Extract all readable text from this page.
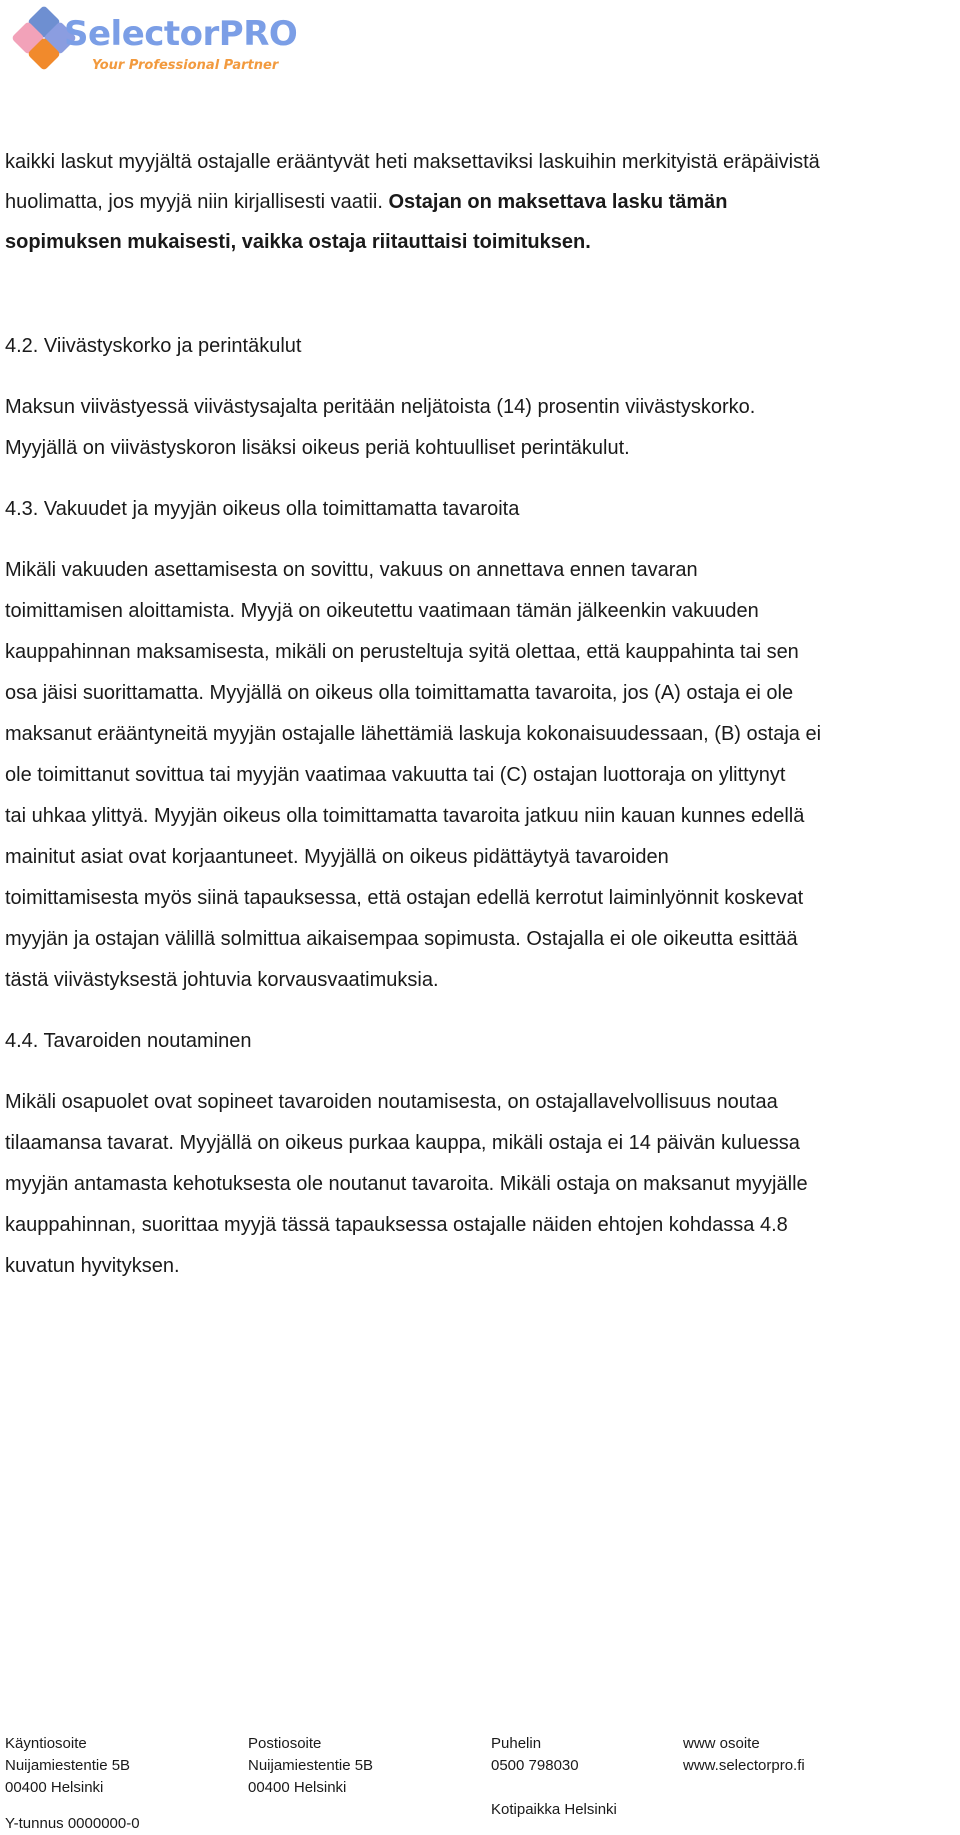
SelectorPRO
Your Professional Partner

kaikki laskut myyjältä ostajalle erääntyvät heti maksettaviksi laskuihin merkityistä eräpäivistä

huolimatta, jos myyjä niin kirjallisesti vaatii. Ostajan on maksettava lasku tämän

sopimuksen mukaisesti, vaikka ostaja riitauttaisi toimituksen.

4.2. Viivästyskorko ja perintäkulut

Maksun viivästyessä viivästysajalta peritään neljätoista (14) prosentin viivästyskorko.

Myyjällä on viivästyskoron lisäksi oikeus periä kohtuulliset perintäkulut.

4.3. Vakuudet ja myyjän oikeus olla toimittamatta tavaroita

Mikäli vakuuden asettamisesta on sovittu, vakuus on annettava ennen tavaran

toimittamisen aloittamista. Myyjä on oikeutettu vaatimaan tämän jälkeenkin vakuuden

kauppahinnan maksamisesta, mikäli on perusteltuja syitä olettaa, että kauppahinta tai sen

osa jäisi suorittamatta. Myyjällä on oikeus olla toimittamatta tavaroita, jos (A) ostaja ei ole

maksanut erääntyneitä myyjän ostajalle lähettämiä laskuja kokonaisuudessaan, (B) ostaja ei

ole toimittanut sovittua tai myyjän vaatimaa vakuutta tai (C) ostajan luottoraja on ylittynyt

tai uhkaa ylittyä. Myyjän oikeus olla toimittamatta tavaroita jatkuu niin kauan kunnes edellä

mainitut asiat ovat korjaantuneet. Myyjällä on oikeus pidättäytyä tavaroiden

toimittamisesta myös siinä tapauksessa, että ostajan edellä kerrotut laiminlyönnit koskevat

myyjän ja ostajan välillä solmittua aikaisempaa sopimusta. Ostajalla ei ole oikeutta esittää

tästä viivästyksestä johtuvia korvausvaatimuksia.

4.4. Tavaroiden noutaminen

Mikäli osapuolet ovat sopineet tavaroiden noutamisesta, on ostajallavelvollisuus noutaa

tilaamansa tavarat. Myyjällä on oikeus purkaa kauppa, mikäli ostaja ei 14 päivän kuluessa

myyjän antamasta kehotuksesta ole noutanut tavaroita. Mikäli ostaja on maksanut myyjälle

kauppahinnan, suorittaa myyjä tässä tapauksessa ostajalle näiden ehtojen kohdassa 4.8

kuvatun hyvityksen.

Käyntiosoite
Nuijamiestentie 5B
00400 Helsinki
Y-tunnus 0000000-0
Postiosoite
Nuijamiestentie 5B
00400 Helsinki
Puhelin
0500 798030
Kotipaikka Helsinki
www osoite
www.selectorpro.fi
